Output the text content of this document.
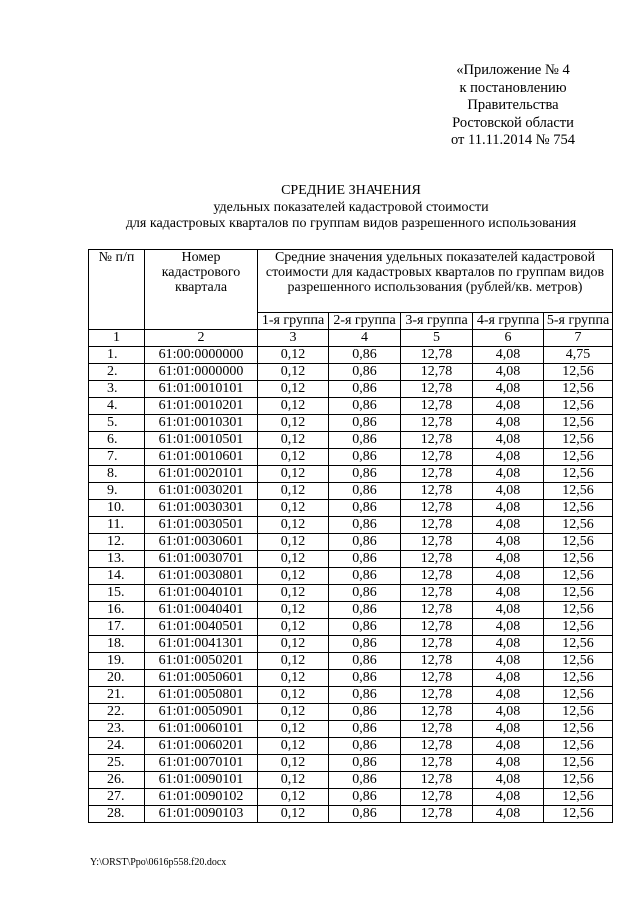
«Приложение № 4
к постановлению
Правительства
Ростовской области
от 11.11.2014 № 754
СРЕДНИЕ ЗНАЧЕНИЯ
удельных показателей кадастровой стоимости
для кадастровых кварталов по группам видов разрешенного использования
№ п/п	Номер кадастрового квартала	Средние значения удельных показателей кадастровой стоимости для кадастровых кварталов по группам видов разрешенного использования (рублей/кв. метров)				
		1-я группа	2-я группа	3-я группа	4-я группа	5-я группа
1	2	3	4	5	6	7
1.	61:00:0000000	0,12	0,86	12,78	4,08	4,75
2.	61:01:0000000	0,12	0,86	12,78	4,08	12,56
3.	61:01:0010101	0,12	0,86	12,78	4,08	12,56
4.	61:01:0010201	0,12	0,86	12,78	4,08	12,56
5.	61:01:0010301	0,12	0,86	12,78	4,08	12,56
6.	61:01:0010501	0,12	0,86	12,78	4,08	12,56
7.	61:01:0010601	0,12	0,86	12,78	4,08	12,56
8.	61:01:0020101	0,12	0,86	12,78	4,08	12,56
9.	61:01:0030201	0,12	0,86	12,78	4,08	12,56
10.	61:01:0030301	0,12	0,86	12,78	4,08	12,56
11.	61:01:0030501	0,12	0,86	12,78	4,08	12,56
12.	61:01:0030601	0,12	0,86	12,78	4,08	12,56
13.	61:01:0030701	0,12	0,86	12,78	4,08	12,56
14.	61:01:0030801	0,12	0,86	12,78	4,08	12,56
15.	61:01:0040101	0,12	0,86	12,78	4,08	12,56
16.	61:01:0040401	0,12	0,86	12,78	4,08	12,56
17.	61:01:0040501	0,12	0,86	12,78	4,08	12,56
18.	61:01:0041301	0,12	0,86	12,78	4,08	12,56
19.	61:01:0050201	0,12	0,86	12,78	4,08	12,56
20.	61:01:0050601	0,12	0,86	12,78	4,08	12,56
21.	61:01:0050801	0,12	0,86	12,78	4,08	12,56
22.	61:01:0050901	0,12	0,86	12,78	4,08	12,56
23.	61:01:0060101	0,12	0,86	12,78	4,08	12,56
24.	61:01:0060201	0,12	0,86	12,78	4,08	12,56
25.	61:01:0070101	0,12	0,86	12,78	4,08	12,56
26.	61:01:0090101	0,12	0,86	12,78	4,08	12,56
27.	61:01:0090102	0,12	0,86	12,78	4,08	12,56
28.	61:01:0090103	0,12	0,86	12,78	4,08	12,56
Y:\ORST\Ppo\0616p558.f20.docx
